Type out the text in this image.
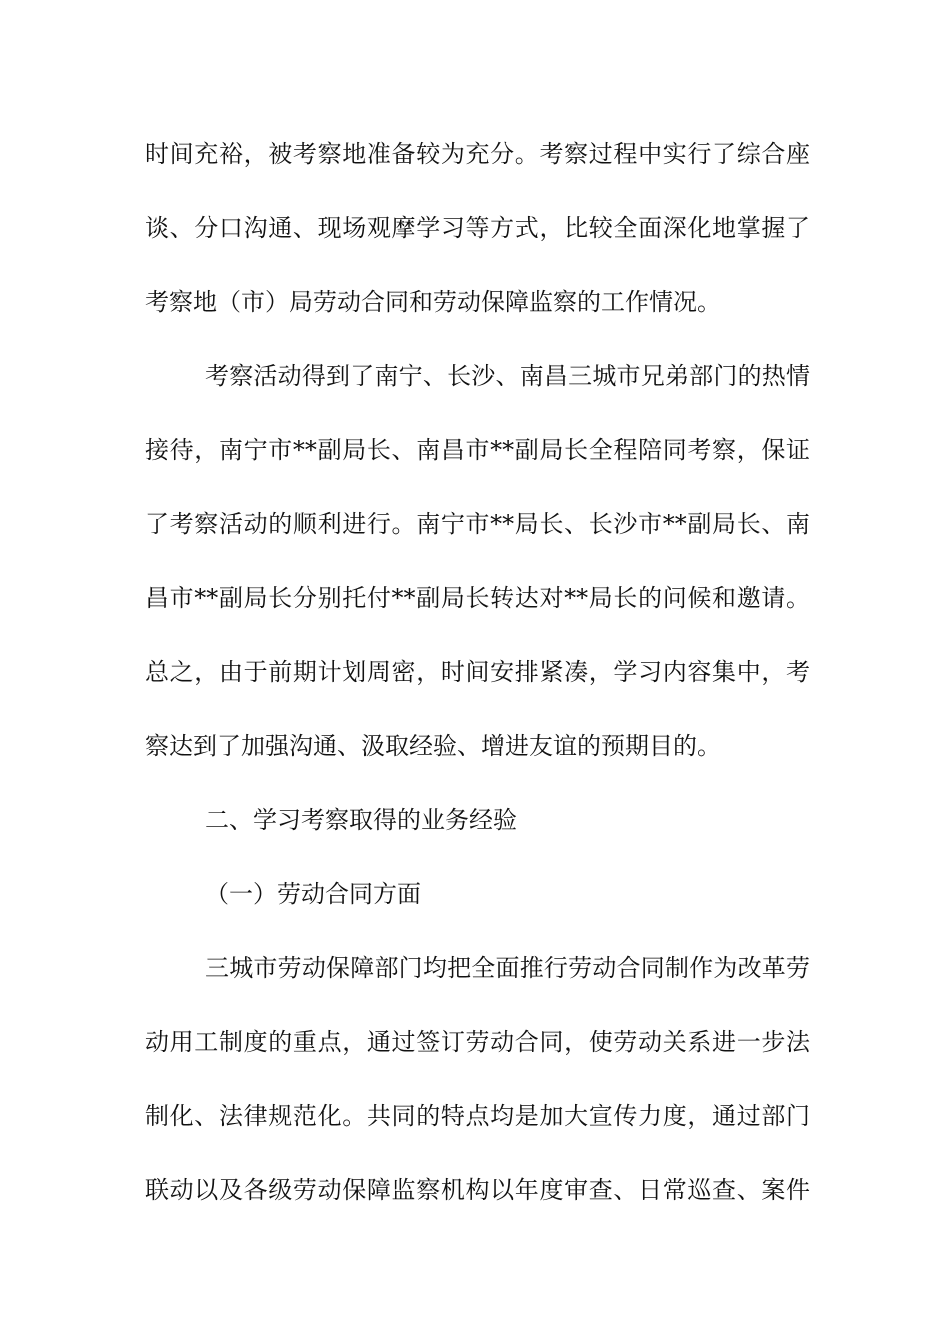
时间充裕，被考察地准备较为充分。考察过程中实行了综合座
谈、分口沟通、现场观摩学习等方式，比较全面深化地掌握了
考察地（市）局劳动合同和劳动保障监察的工作情况。
考察活动得到了南宁、长沙、南昌三城市兄弟部门的热情
接待，南宁市**副局长、南昌市**副局长全程陪同考察，保证
了考察活动的顺利进行。南宁市**局长、长沙市**副局长、南
昌市**副局长分别托付**副局长转达对**局长的问候和邀请。
总之，由于前期计划周密，时间安排紧凑，学习内容集中，考
察达到了加强沟通、汲取经验、增进友谊的预期目的。
二、学习考察取得的业务经验
（一）劳动合同方面
三城市劳动保障部门均把全面推行劳动合同制作为改革劳
动用工制度的重点，通过签订劳动合同，使劳动关系进一步法
制化、法律规范化。共同的特点均是加大宣传力度，通过部门
联动以及各级劳动保障监察机构以年度审查、日常巡查、案件
